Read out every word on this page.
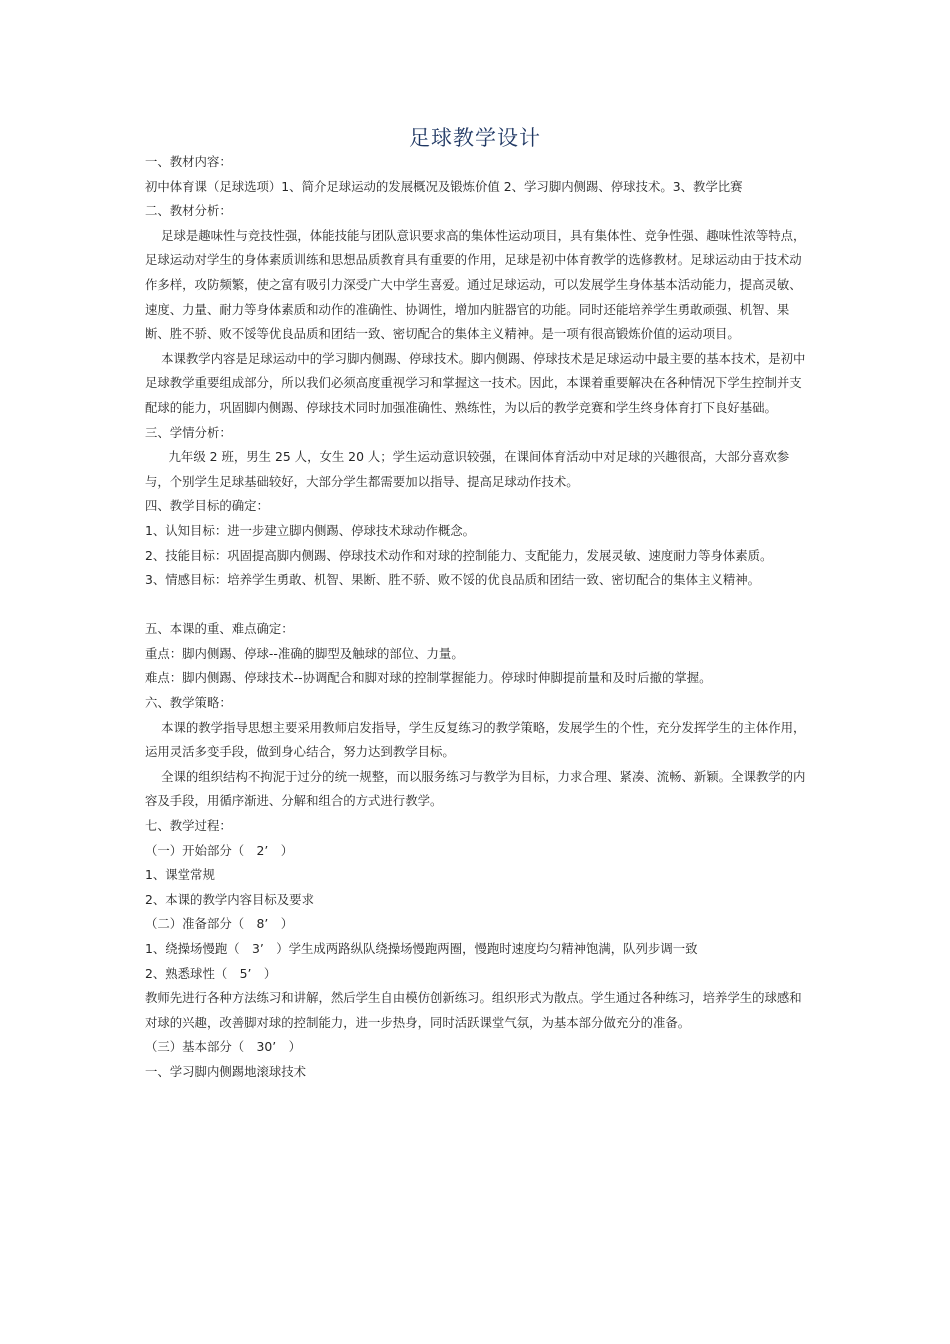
足球教学设计

一、教材内容：

初中体育课（足球选项）1、简介足球运动的发展概况及锻炼价值 2、学习脚内侧踢、停球技术。3、教学比赛

二、教材分析：

足球是趣味性与竞技性强，体能技能与团队意识要求高的集体性运动项目，具有集体性、竞争性强、趣味性浓等特点，足球运动对学生的身体素质训练和思想品质教育具有重要的作用，足球是初中体育教学的选修教材。足球运动由于技术动作多样，攻防频繁，使之富有吸引力深受广大中学生喜爱。通过足球运动，可以发展学生身体基本活动能力，提高灵敏、速度、力量、耐力等身体素质和动作的准确性、协调性，增加内脏器官的功能。同时还能培养学生勇敢顽强、机智、果断、胜不骄、败不馁等优良品质和团结一致、密切配合的集体主义精神。是一项有很高锻炼价值的运动项目。

本课教学内容是足球运动中的学习脚内侧踢、停球技术。脚内侧踢、停球技术是足球运动中最主要的基本技术，是初中足球教学重要组成部分，所以我们必须高度重视学习和掌握这一技术。因此，本课着重要解决在各种情况下学生控制并支配球的能力，巩固脚内侧踢、停球技术同时加强准确性、熟练性，为以后的教学竞赛和学生终身体育打下良好基础。

三、学情分析：

九年级 2 班，男生 25 人，女生 20 人；学生运动意识较强，在课间体育活动中对足球的兴趣很高，大部分喜欢参与，个别学生足球基础较好，大部分学生都需要加以指导、提高足球动作技术。

四、教学目标的确定：

1、认知目标：进一步建立脚内侧踢、停球技术球动作概念。

2、技能目标：巩固提高脚内侧踢、停球技术动作和对球的控制能力、支配能力，发展灵敏、速度耐力等身体素质。

3、情感目标：培养学生勇敢、机智、果断、胜不骄、败不馁的优良品质和团结一致、密切配合的集体主义精神。

五、本课的重、难点确定：

重点：脚内侧踢、停球--准确的脚型及触球的部位、力量。

难点：脚内侧踢、停球技术--协调配合和脚对球的控制掌握能力。停球时伸脚提前量和及时后撤的掌握。

六、教学策略：

本课的教学指导思想主要采用教师启发指导，学生反复练习的教学策略，发展学生的个性，充分发挥学生的主体作用，运用灵活多变手段，做到身心结合，努力达到教学目标。

全课的组织结构不拘泥于过分的统一规整，而以服务练习与教学为目标，力求合理、紧凑、流畅、新颖。全课教学的内容及手段，用循序渐进、分解和组合的方式进行教学。

七、教学过程：

（一）开始部分（　2’　）

1、课堂常规

2、本课的教学内容目标及要求

（二）准备部分（　8’　）

1、绕操场慢跑（　3’　）学生成两路纵队绕操场慢跑两圈，慢跑时速度均匀精神饱满，队列步调一致

2、熟悉球性（　5’　）

教师先进行各种方法练习和讲解，然后学生自由模仿创新练习。组织形式为散点。学生通过各种练习，培养学生的球感和对球的兴趣，改善脚对球的控制能力，进一步热身，同时活跃课堂气氛，为基本部分做充分的准备。

（三）基本部分（　30’　）

一、学习脚内侧踢地滚球技术
